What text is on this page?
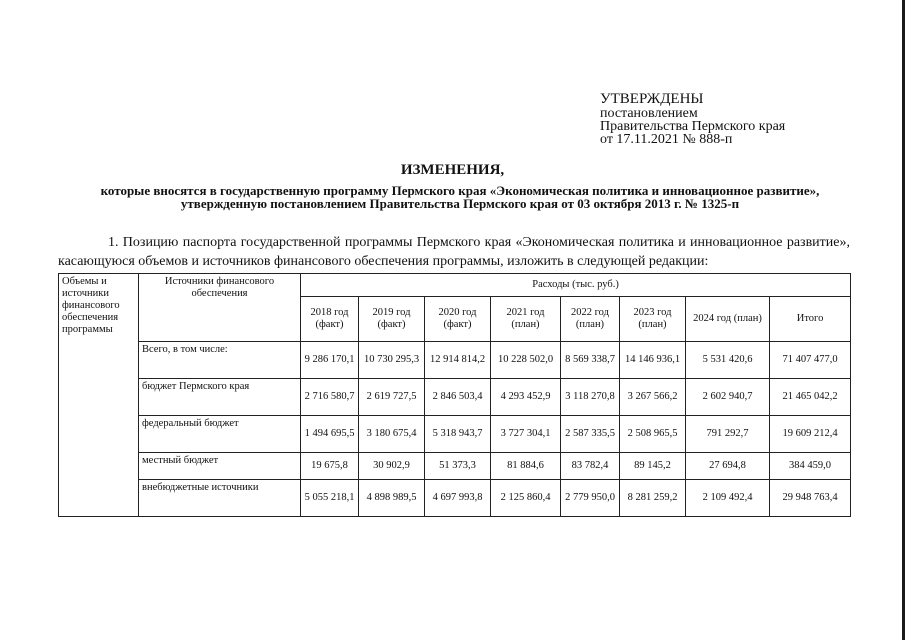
УТВЕРЖДЕНЫ
постановлением
Правительства Пермского края
от 17.11.2021 № 888-п
ИЗМЕНЕНИЯ,
которые вносятся в государственную программу Пермского края «Экономическая политика и инновационное развитие», утвержденную постановлением Правительства Пермского края от 03 октября 2013 г. № 1325-п
1. Позицию паспорта государственной программы Пермского края «Экономическая политика и инновационное развитие», касающуюся объемов и источников финансового обеспечения программы, изложить в следующей редакции:
Объемы и источники финансового обеспечения программы	Источники финансового обеспечения	Расходы (тыс. руб.)							
		2018 год (факт)	2019 год (факт)	2020 год (факт)	2021 год (план)	2022 год (план)	2023 год (план)	2024 год (план)	Итого
	Всего, в том числе:	9 286 170,1	10 730 295,3	12 914 814,2	10 228 502,0	8 569 338,7	14 146 936,1	5 531 420,6	71 407 477,0
	бюджет Пермского края	2 716 580,7	2 619 727,5	2 846 503,4	4 293 452,9	3 118 270,8	3 267 566,2	2 602 940,7	21 465 042,2
	федеральный бюджет	1 494 695,5	3 180 675,4	5 318 943,7	3 727 304,1	2 587 335,5	2 508 965,5	791 292,7	19 609 212,4
	местный бюджет	19 675,8	30 902,9	51 373,3	81 884,6	83 782,4	89 145,2	27 694,8	384 459,0
	внебюджетные источники	5 055 218,1	4 898 989,5	4 697 993,8	2 125 860,4	2 779 950,0	8 281 259,2	2 109 492,4	29 948 763,4
